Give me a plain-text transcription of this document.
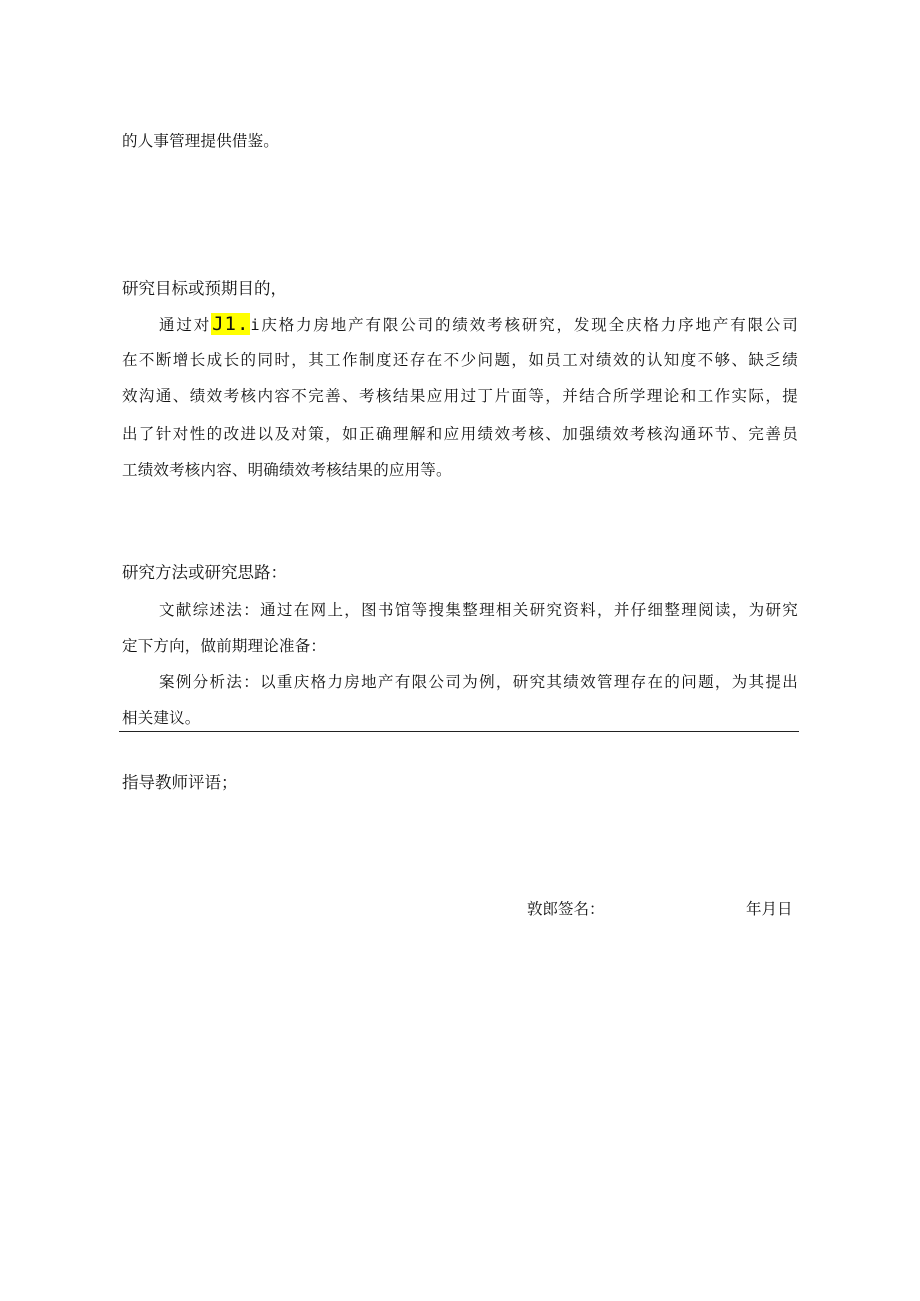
的人事管理提供借鉴。
研究目标或预期目的，
通过对J1.i庆格力房地产有限公司的绩效考核研究，发现全庆格力序地产有限公司
在不断增长成长的同时，其工作制度还存在不少问题，如员工对绩效的认知度不够、缺乏绩
效沟通、绩效考核内容不完善、考核结果应用过丁片面等，并结合所学理论和工作实际，提
出了针对性的改进以及对策，如正确理解和应用绩效考核、加强绩效考核沟通环节、完善员
工绩效考核内容、明确绩效考核结果的应用等。
研究方法或研究思路：
文献综述法：通过在网上，图书馆等搜集整理相关研究资料，并仔细整理阅读，为研究
定下方向，做前期理论准备：
案例分析法：以重庆格力房地产有限公司为例，研究其绩效管理存在的问题，为其提出
相关建议。
指导教师评语；
敦郎签名：	年月日
